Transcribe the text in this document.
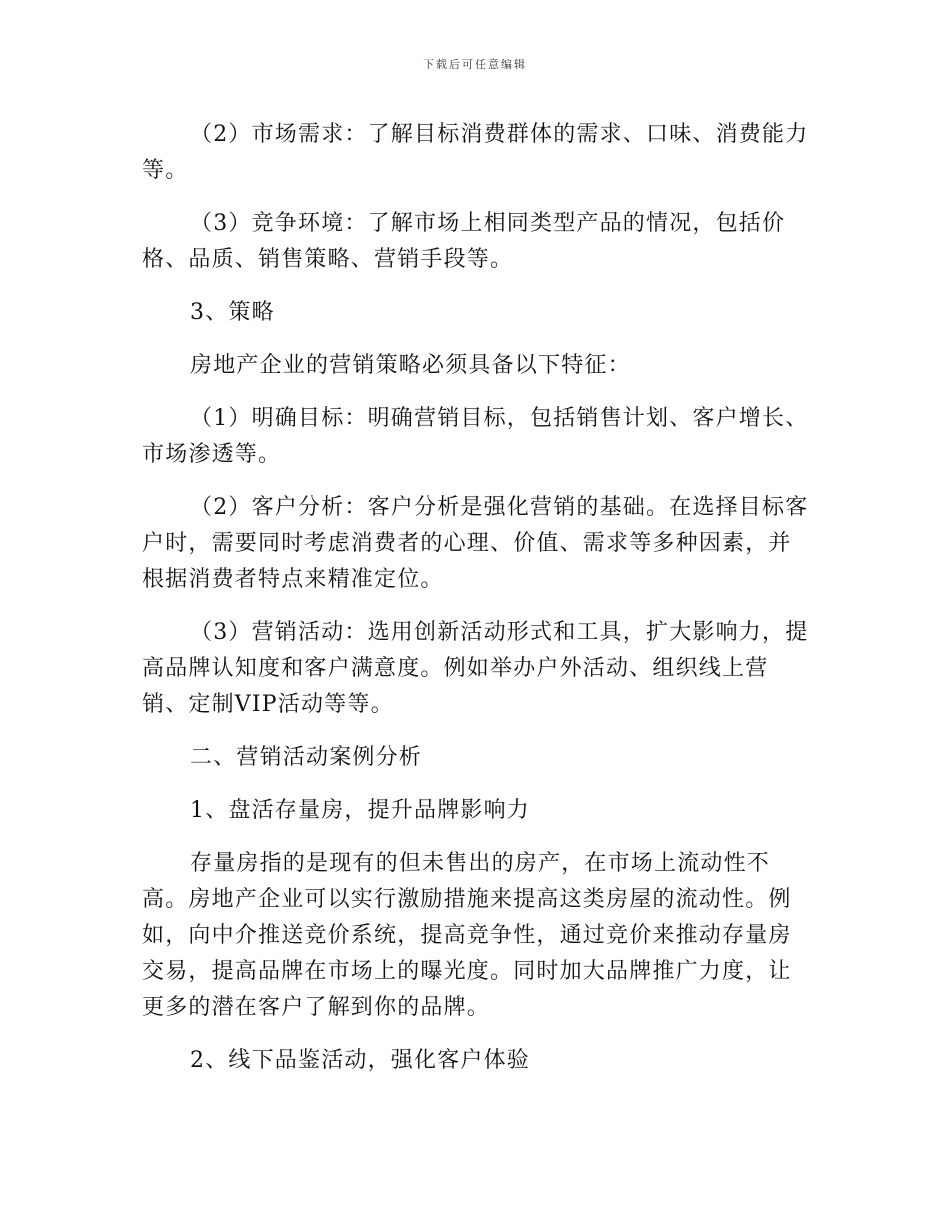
下载后可任意编辑

（2）市场需求：了解目标消费群体的需求、口味、消费能力等。

（3）竞争环境：了解市场上相同类型产品的情况，包括价格、品质、销售策略、营销手段等。

3、策略

房地产企业的营销策略必须具备以下特征：

（1）明确目标：明确营销目标，包括销售计划、客户增长、市场渗透等。

（2）客户分析：客户分析是强化营销的基础。在选择目标客户时，需要同时考虑消费者的心理、价值、需求等多种因素，并根据消费者特点来精准定位。

（3）营销活动：选用创新活动形式和工具，扩大影响力，提高品牌认知度和客户满意度。例如举办户外活动、组织线上营销、定制VIP活动等等。

二、营销活动案例分析

1、盘活存量房，提升品牌影响力

存量房指的是现有的但未售出的房产，在市场上流动性不高。房地产企业可以实行激励措施来提高这类房屋的流动性。例如，向中介推送竞价系统，提高竞争性，通过竞价来推动存量房交易，提高品牌在市场上的曝光度。同时加大品牌推广力度，让更多的潜在客户了解到你的品牌。

2、线下品鉴活动，强化客户体验
